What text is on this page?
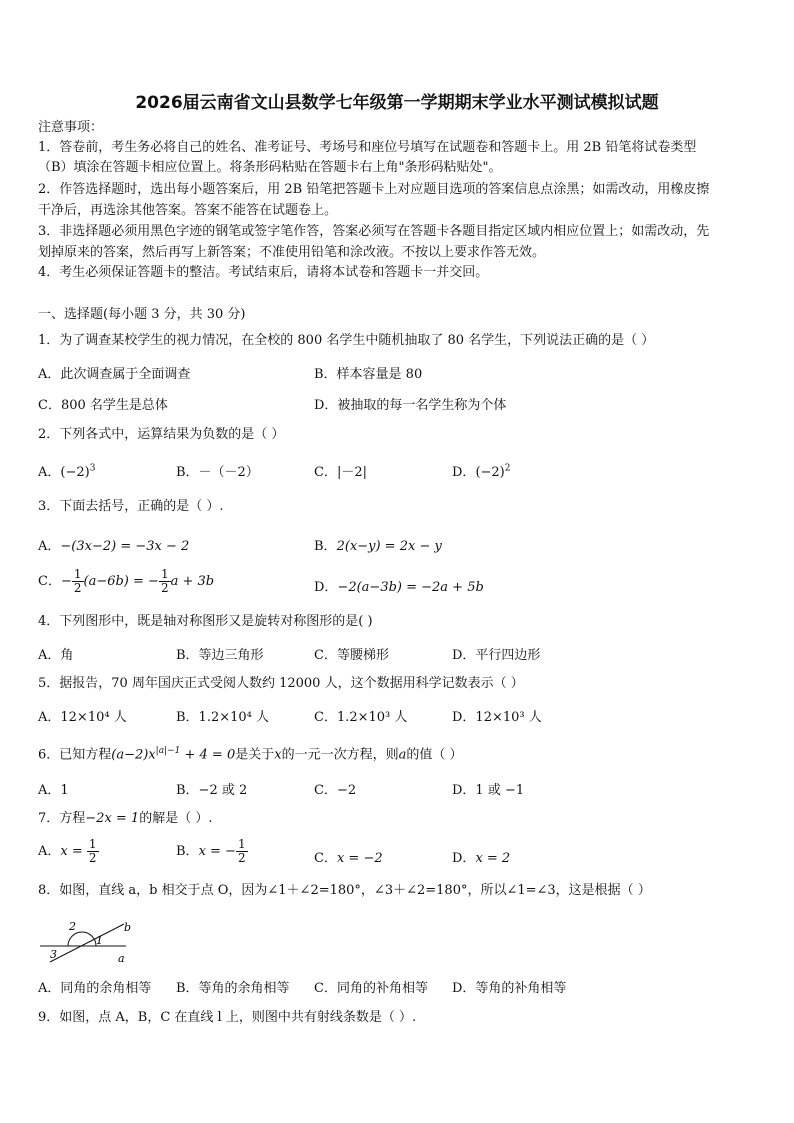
2026届云南省文山县数学七年级第一学期期末学业水平测试模拟试题
注意事项：
1．答卷前，考生务必将自己的姓名、准考证号、考场号和座位号填写在试题卷和答题卡上。用 2B 铅笔将试卷类型
（B）填涂在答题卡相应位置上。将条形码粘贴在答题卡右上角"条形码粘贴处"。
2．作答选择题时，选出每小题答案后，用 2B 铅笔把答题卡上对应题目选项的答案信息点涂黑；如需改动，用橡皮擦
干净后，再选涂其他答案。答案不能答在试题卷上。
3．非选择题必须用黑色字迹的钢笔或签字笔作答，答案必须写在答题卡各题目指定区域内相应位置上；如需改动，先
划掉原来的答案，然后再写上新答案；不准使用铅笔和涂改液。不按以上要求作答无效。
4．考生必须保证答题卡的整洁。考试结束后，请将本试卷和答题卡一并交回。
一、选择题(每小题 3 分，共 30 分)
1．为了调查某校学生的视力情况，在全校的 800 名学生中随机抽取了 80 名学生，下列说法正确的是（ ）
A．此次调查属于全面调查	B．样本容量是 80
C．800 名学生是总体	D．被抽取的每一名学生称为个体
2．下列各式中，运算结果为负数的是（ ）
A．$(-2)^3$	B．－（－2）	C．|－2|	D．$(-2)^2$
3．下面去括号，正确的是（ ）.
A．−(3x−2) = −3x − 2	B．2(x−y) = 2x − y
C．− $\frac{1}{2} (a-6b)$ = − $\frac{1}{2}$ a + 3b	D．−2(a−3b) = −2a + 5b
4．下列图形中，既是轴对称图形又是旋转对称图形的是( )
A．角	B．等边三角形	C．等腰梯形	D．平行四边形
5．据报告，70 周年国庆正式受阅人数约 12000 人，这个数据用科学记数表示（ ）
A．12×10⁴ 人	B．1.2×10⁴ 人	C．1.2×10³ 人	D．12×10³ 人
6．已知方程$(a-2)x^{|a|-1} + 4 = 0$是关于x的一元一次方程，则a的值（ ）
A．1	B．−2 或 2	C．−2	D．1 或 −1
7．方程−2x = 1的解是（ ）.
A．$x = \frac{1}{2}$	B．x = − $\frac{1}{2}$	C．x = −2	D．x = 2
8．如图，直线 a，b 相交于点 O，因为∠1＋∠2=180°，∠3＋∠2=180°，所以∠1=∠3，这是根据（ ）
2
1
b
3	a
A．同角的余角相等 B．等角的余角相等 C．同角的补角相等 D．等角的补角相等
9．如图，点 A，B，C 在直线 l 上，则图中共有射线条数是（ ）.
